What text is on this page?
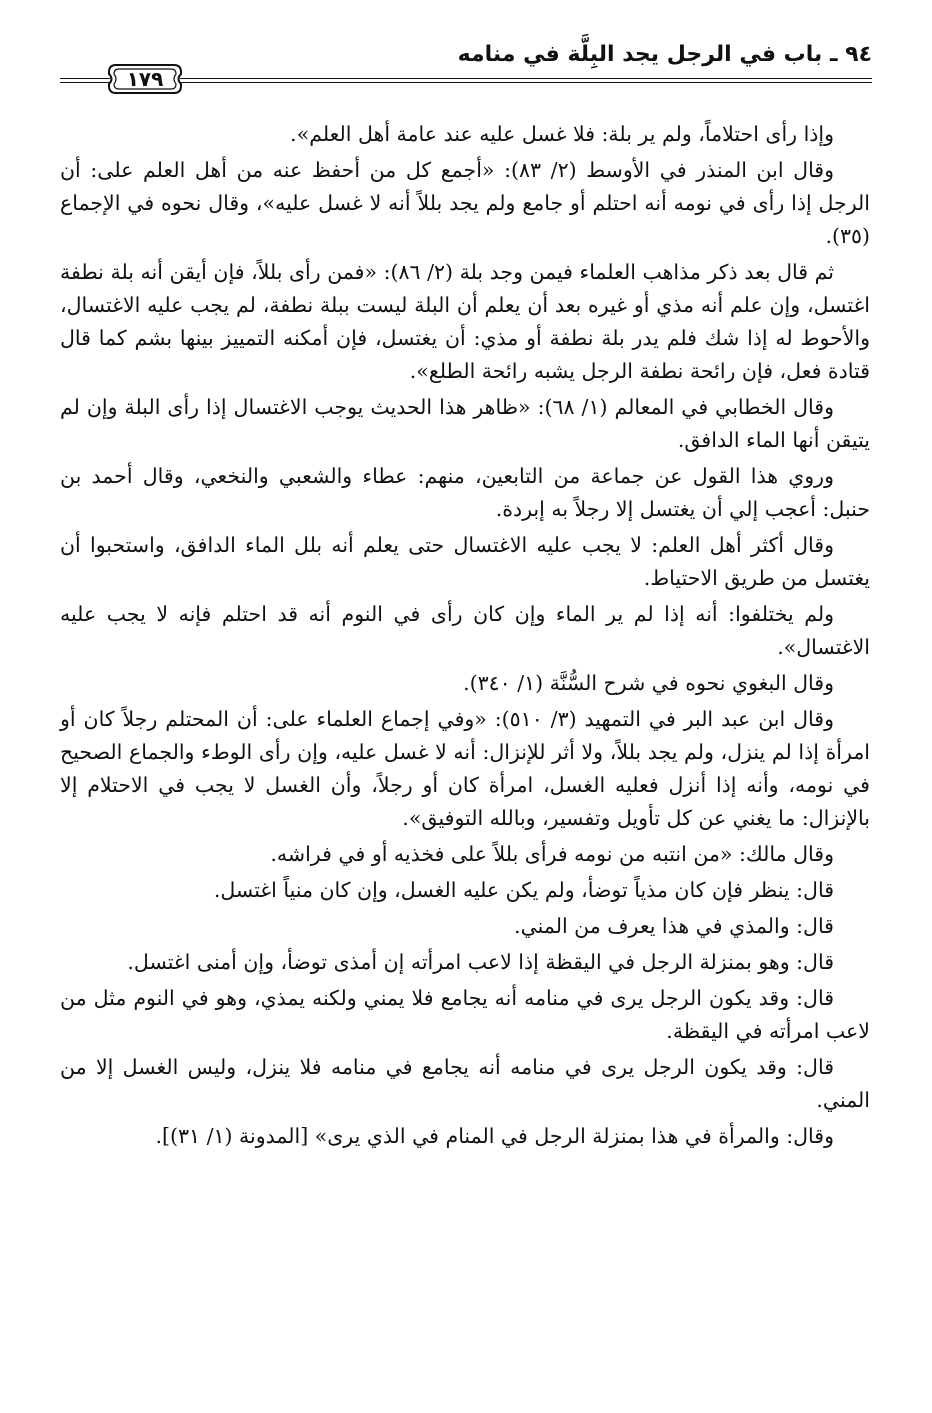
٩٤ ـ باب في الرجل يجد البِلَّة في منامه
١٧٩

وإذا رأى احتلاماً، ولم ير بلة: فلا غسل عليه عند عامة أهل العلم».

وقال ابن المنذر في الأوسط (٢/ ٨٣): «أجمع كل من أحفظ عنه من أهل العلم على: أن الرجل إذا رأى في نومه أنه احتلم أو جامع ولم يجد بللاً أنه لا غسل عليه»، وقال نحوه في الإجماع (٣٥).

ثم قال بعد ذكر مذاهب العلماء فيمن وجد بلة (٢/ ٨٦): «فمن رأى بللاً، فإن أيقن أنه بلة نطفة اغتسل، وإن علم أنه مذي أو غيره بعد أن يعلم أن البلة ليست ببلة نطفة، لم يجب عليه الاغتسال، والأحوط له إذا شك فلم يدر بلة نطفة أو مذي: أن يغتسل، فإن أمكنه التمييز بينها بشم كما قال قتادة فعل، فإن رائحة نطفة الرجل يشبه رائحة الطلع».

وقال الخطابي في المعالم (١/ ٦٨): «ظاهر هذا الحديث يوجب الاغتسال إذا رأى البلة وإن لم يتيقن أنها الماء الدافق.

وروي هذا القول عن جماعة من التابعين، منهم: عطاء والشعبي والنخعي، وقال أحمد بن حنبل: أعجب إلي أن يغتسل إلا رجلاً به إبردة.

وقال أكثر أهل العلم: لا يجب عليه الاغتسال حتى يعلم أنه بلل الماء الدافق، واستحبوا أن يغتسل من طريق الاحتياط.

ولم يختلفوا: أنه إذا لم ير الماء وإن كان رأى في النوم أنه قد احتلم فإنه لا يجب عليه الاغتسال».

وقال البغوي نحوه في شرح السُّنَّة (١/ ٣٤٠).

وقال ابن عبد البر في التمهيد (٣/ ٥١٠): «وفي إجماع العلماء على: أن المحتلم رجلاً كان أو امرأة إذا لم ينزل، ولم يجد بللاً، ولا أثر للإنزال: أنه لا غسل عليه، وإن رأى الوطء والجماع الصحيح في نومه، وأنه إذا أنزل فعليه الغسل، امرأة كان أو رجلاً، وأن الغسل لا يجب في الاحتلام إلا بالإنزال: ما يغني عن كل تأويل وتفسير، وبالله التوفيق».

وقال مالك: «من انتبه من نومه فرأى بللاً على فخذيه أو في فراشه.

قال: ينظر فإن كان مذياً توضأ، ولم يكن عليه الغسل، وإن كان منياً اغتسل.

قال: والمذي في هذا يعرف من المني.

قال: وهو بمنزلة الرجل في اليقظة إذا لاعب امرأته إن أمذى توضأ، وإن أمنى اغتسل.

قال: وقد يكون الرجل يرى في منامه أنه يجامع فلا يمني ولكنه يمذي، وهو في النوم مثل من لاعب امرأته في اليقظة.

قال: وقد يكون الرجل يرى في منامه أنه يجامع في منامه فلا ينزل، وليس الغسل إلا من المني.

وقال: والمرأة في هذا بمنزلة الرجل في المنام في الذي يرى» [المدونة (١/ ٣١)].
